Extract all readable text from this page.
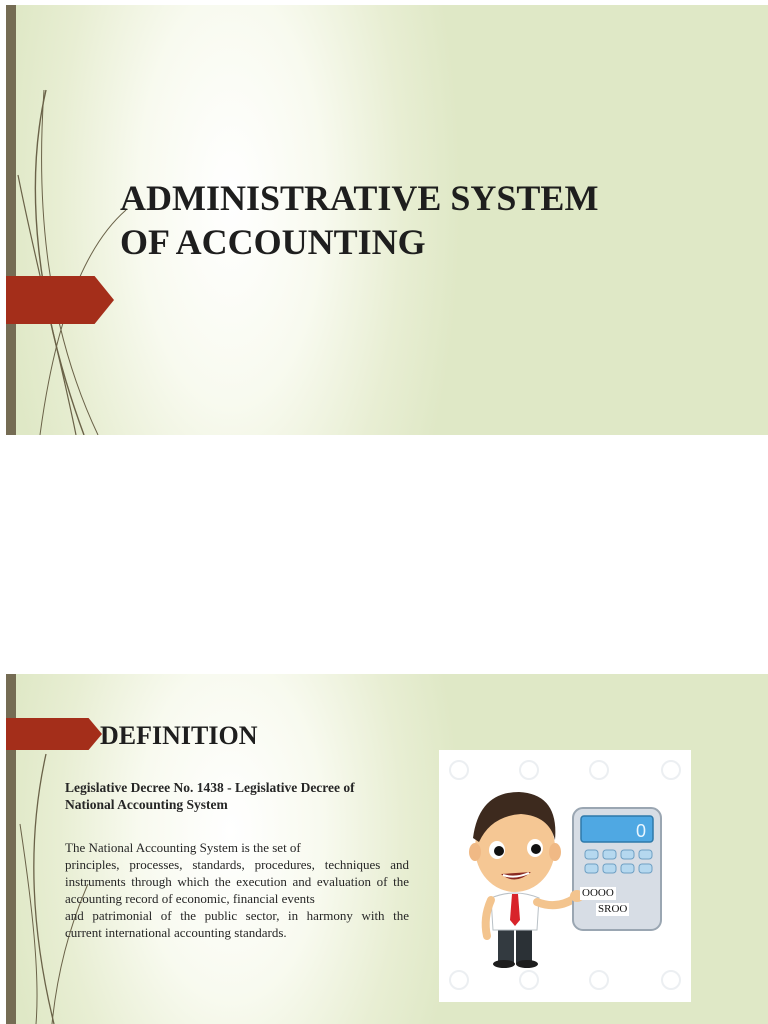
ADMINISTRATIVE SYSTEM
OF ACCOUNTING
DEFINITION
Legislative Decree No. 1438 - Legislative Decree of National Accounting System
The National Accounting System is the set of
principles, processes, standards, procedures, techniques and
instruments through which the execution and evaluation of the
accounting record of economic, financial events
and patrimonial of the public sector, in harmony with the
current international accounting standards.
0
OOOO
SROO
